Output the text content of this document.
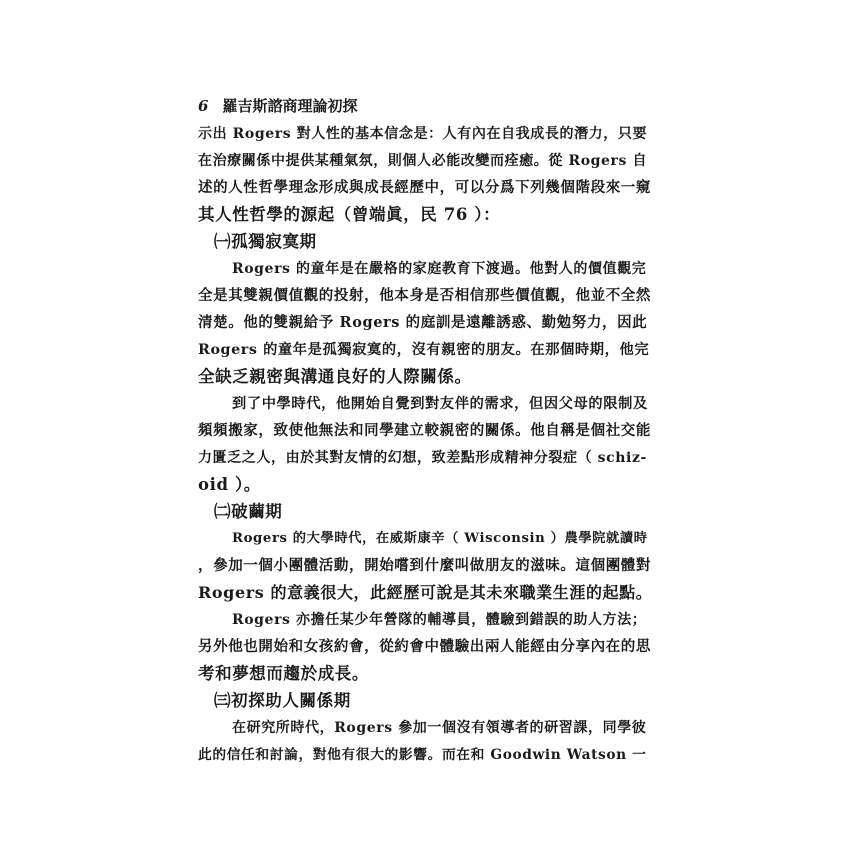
6 羅吉斯諮商理論初探
示出 Rogers 對人性的基本信念是：人有內在自我成長的潛力，只要
在治療關係中提供某種氣氛，則個人必能改變而痊癒。從 Rogers 自
述的人性哲學理念形成與成長經歷中，可以分爲下列幾個階段來一窺
其人性哲學的源起（曾端眞，民 76 ）：
㈠孤獨寂寞期
Rogers 的童年是在嚴格的家庭教育下渡過。他對人的價值觀完
全是其雙親價值觀的投射，他本身是否相信那些價值觀，他並不全然
清楚。他的雙親給予 Rogers 的庭訓是遠離誘惑、勤勉努力，因此
Rogers 的童年是孤獨寂寞的，沒有親密的朋友。在那個時期，他完
全缺乏親密與溝通良好的人際關係。
到了中學時代，他開始自覺到對友伴的需求，但因父母的限制及
頻頻搬家，致使他無法和同學建立較親密的關係。他自稱是個社交能
力匱乏之人，由於其對友情的幻想，致差點形成精神分裂症（ schiz-
oid ）。
㈡破繭期
Rogers 的大學時代，在威斯康辛（ Wisconsin ）農學院就讀時
，參加一個小團體活動，開始嚐到什麼叫做朋友的滋味。這個團體對
Rogers 的意義很大，此經歷可說是其未來職業生涯的起點。
Rogers 亦擔任某少年營隊的輔導員，體驗到錯誤的助人方法；
另外他也開始和女孩約會，從約會中體驗出兩人能經由分享內在的思
考和夢想而趨於成長。
㈢初探助人關係期
在研究所時代，Rogers 參加一個沒有領導者的研習課，同學彼
此的信任和討論，對他有很大的影響。而在和 Goodwin Watson 一
